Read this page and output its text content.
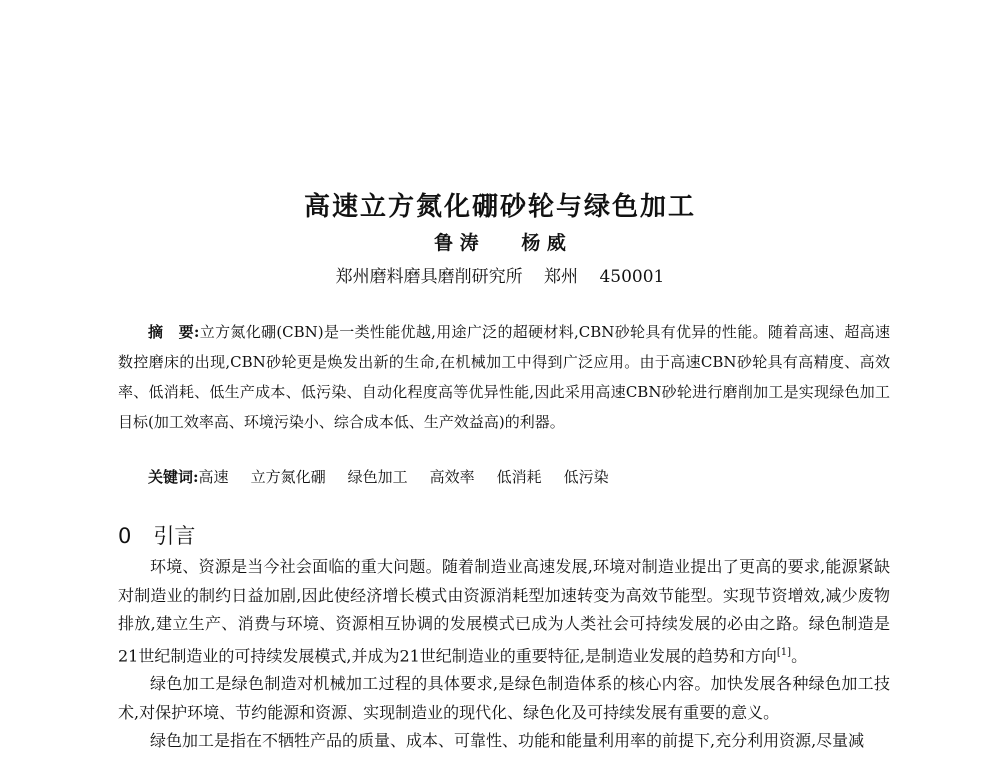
高速立方氮化硼砂轮与绿色加工
鲁 涛 杨 威
郑州磨料磨具磨削研究所 郑州 450001

摘　要:立方氮化硼(CBN)是一类性能优越,用途广泛的超硬材料,CBN砂轮具有优异的性能。随着高速、超高速数控磨床的出现,CBN砂轮更是焕发出新的生命,在机械加工中得到广泛应用。由于高速CBN砂轮具有高精度、高效率、低消耗、低生产成本、低污染、自动化程度高等优异性能,因此采用高速CBN砂轮进行磨削加工是实现绿色加工目标(加工效率高、环境污染小、综合成本低、生产效益高)的利器。

关键词:高速 立方氮化硼 绿色加工 高效率 低消耗 低污染

0 引言

环境、资源是当今社会面临的重大问题。随着制造业高速发展,环境对制造业提出了更高的要求,能源紧缺对制造业的制约日益加剧,因此使经济增长模式由资源消耗型加速转变为高效节能型。实现节资增效,减少废物排放,建立生产、消费与环境、资源相互协调的发展模式已成为人类社会可持续发展的必由之路。绿色制造是21世纪制造业的可持续发展模式,并成为21世纪制造业的重要特征,是制造业发展的趋势和方向[1]。

绿色加工是绿色制造对机械加工过程的具体要求,是绿色制造体系的核心内容。加快发展各种绿色加工技术,对保护环境、节约能源和资源、实现制造业的现代化、绿色化及可持续发展有重要的意义。

绿色加工是指在不牺牲产品的质量、成本、可靠性、功能和能量利用率的前提下,充分利用资源,尽量减
